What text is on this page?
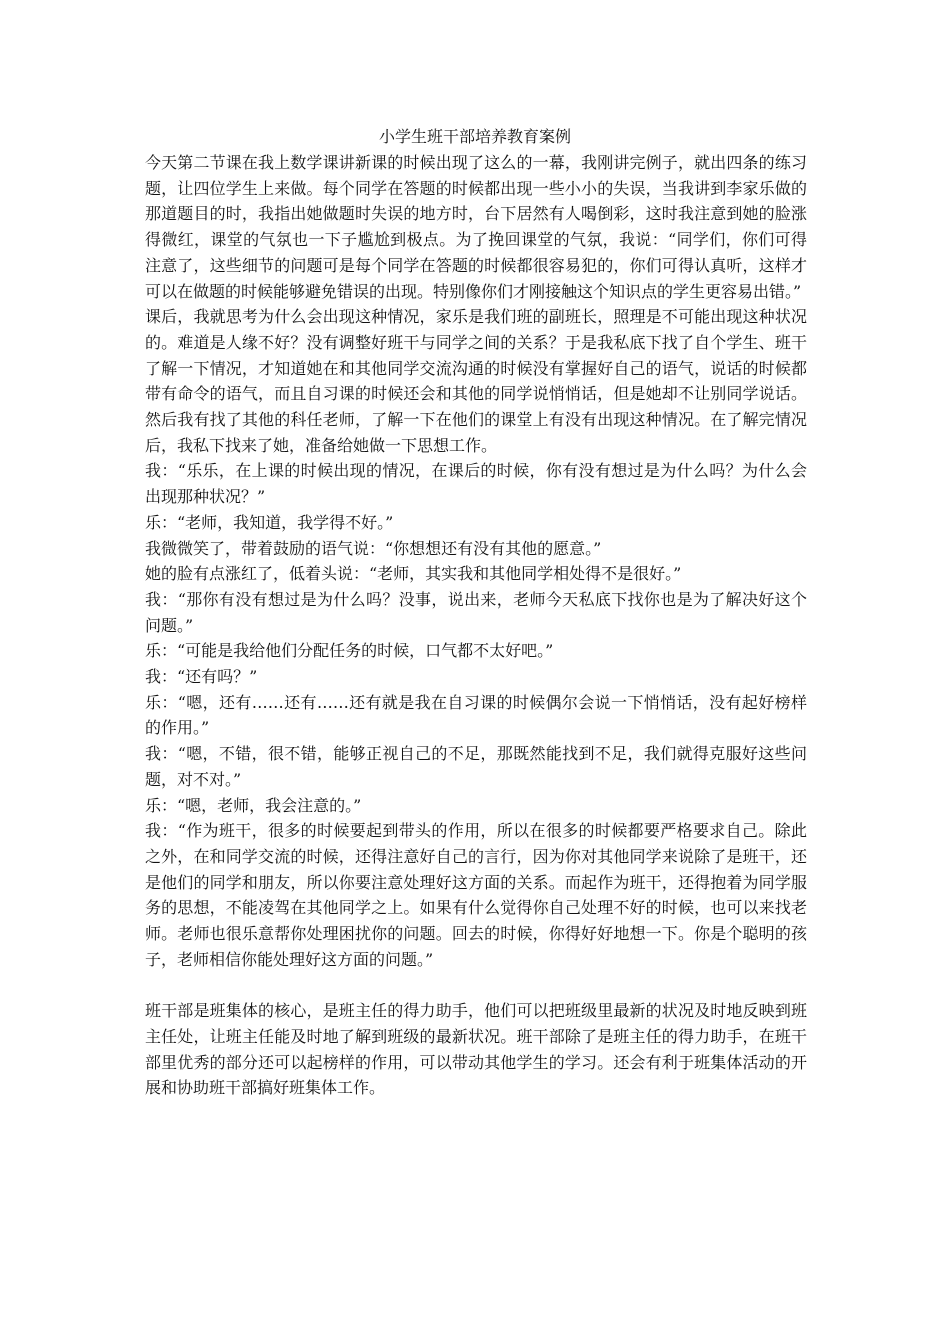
小学生班干部培养教育案例

今天第二节课在我上数学课讲新课的时候出现了这么的一幕，我刚讲完例子，就出四条的练习题，让四位学生上来做。每个同学在答题的时候都出现一些小小的失误，当我讲到李家乐做的那道题目的时，我指出她做题时失误的地方时，台下居然有人喝倒彩，这时我注意到她的脸涨得微红，课堂的气氛也一下子尴尬到极点。为了挽回课堂的气氛，我说：“同学们，你们可得注意了，这些细节的问题可是每个同学在答题的时候都很容易犯的，你们可得认真听，这样才可以在做题的时候能够避免错误的出现。特别像你们才刚接触这个知识点的学生更容易出错。”

课后，我就思考为什么会出现这种情况，家乐是我们班的副班长，照理是不可能出现这种状况的。难道是人缘不好？没有调整好班干与同学之间的关系？于是我私底下找了自个学生、班干了解一下情况，才知道她在和其他同学交流沟通的时候没有掌握好自己的语气，说话的时候都带有命令的语气，而且自习课的时候还会和其他的同学说悄悄话，但是她却不让别同学说话。然后我有找了其他的科任老师，了解一下在他们的课堂上有没有出现这种情况。在了解完情况后，我私下找来了她，准备给她做一下思想工作。

我：“乐乐，在上课的时候出现的情况，在课后的时候，你有没有想过是为什么吗？为什么会出现那种状况？”

乐：“老师，我知道，我学得不好。”

我微微笑了，带着鼓励的语气说：“你想想还有没有其他的愿意。”

她的脸有点涨红了，低着头说：“老师，其实我和其他同学相处得不是很好。”

我：“那你有没有想过是为什么吗？没事，说出来，老师今天私底下找你也是为了解决好这个问题。”

乐：“可能是我给他们分配任务的时候，口气都不太好吧。”

我：“还有吗？”

乐：“嗯，还有……还有……还有就是我在自习课的时候偶尔会说一下悄悄话，没有起好榜样的作用。”

我：“嗯，不错，很不错，能够正视自己的不足，那既然能找到不足，我们就得克服好这些问题，对不对。”

乐：“嗯，老师，我会注意的。”

我：“作为班干，很多的时候要起到带头的作用，所以在很多的时候都要严格要求自己。除此之外，在和同学交流的时候，还得注意好自己的言行，因为你对其他同学来说除了是班干，还是他们的同学和朋友，所以你要注意处理好这方面的关系。而起作为班干，还得抱着为同学服务的思想，不能凌驾在其他同学之上。如果有什么觉得你自己处理不好的时候，也可以来找老师。老师也很乐意帮你处理困扰你的问题。回去的时候，你得好好地想一下。你是个聪明的孩子，老师相信你能处理好这方面的问题。”

班干部是班集体的核心，是班主任的得力助手，他们可以把班级里最新的状况及时地反映到班主任处，让班主任能及时地了解到班级的最新状况。班干部除了是班主任的得力助手，在班干部里优秀的部分还可以起榜样的作用，可以带动其他学生的学习。还会有利于班集体活动的开展和协助班干部搞好班集体工作。
